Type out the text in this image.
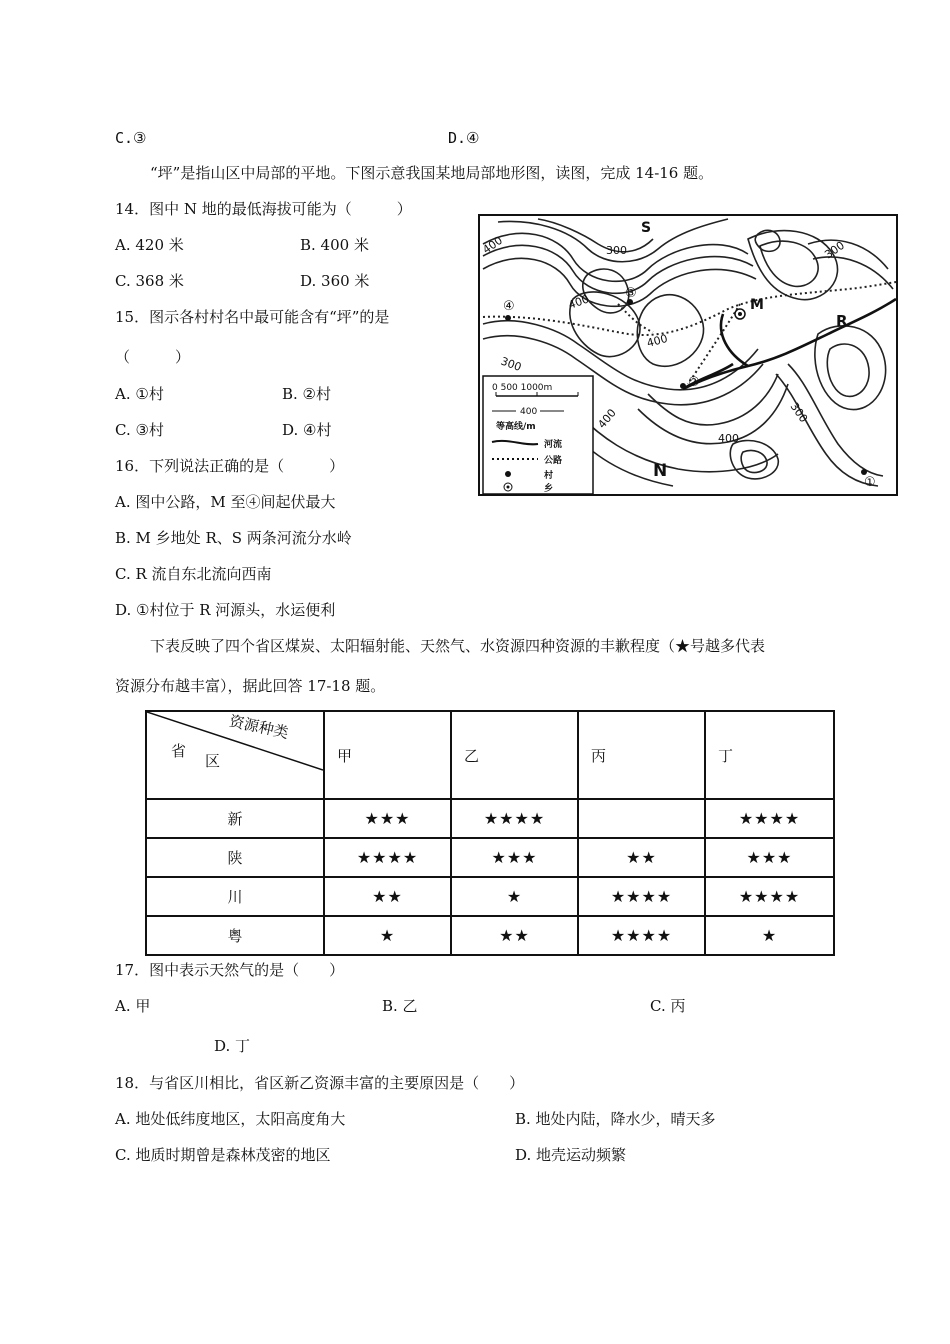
C.③	D.④
“坪”是指山区中局部的平地。下图示意我国某地局部地形图，读图，完成 14-16 题。
14．图中 N 地的最低海拔可能为（　　　）
A. 420 米	B. 400 米
C. 368 米	D. 360 米
15．图示各村村名中最可能含有“坪”的是
（　　　）
A. ①村	B. ②村
C. ③村	D. ④村
16．下列说法正确的是（　　　）
A. 图中公路，M 至④间起伏最大
B. M 乡地处 R、S 两条河流分水岭
C. R 流自东北流向西南
D. ①村位于 R 河源头，水运便利
下表反映了四个省区煤炭、太阳辐射能、天然气、水资源四种资源的丰歉程度（★号越多代表
资源分布越丰富），据此回答 17-18 题。
S
M
R
N
400	300	300
400
400
300
400	300
400
④
③
②
①
0 500 1000m
400
等高线/m
河流
公路
村
乡
资源种类
省
区	甲	乙	丙	丁
新	★★★	★★★★		★★★★
陕	★★★★	★★★	★★	★★★
川	★★	★	★★★★	★★★★
粤	★	★★	★★★★	★
17．图中表示天然气的是（　　）
A. 甲	B. 乙	C. 丙
D. 丁
18．与省区川相比，省区新乙资源丰富的主要原因是（　　）
A. 地处低纬度地区，太阳高度角大	B. 地处内陆，降水少，晴天多
C. 地质时期曾是森林茂密的地区	D. 地壳运动频繁
